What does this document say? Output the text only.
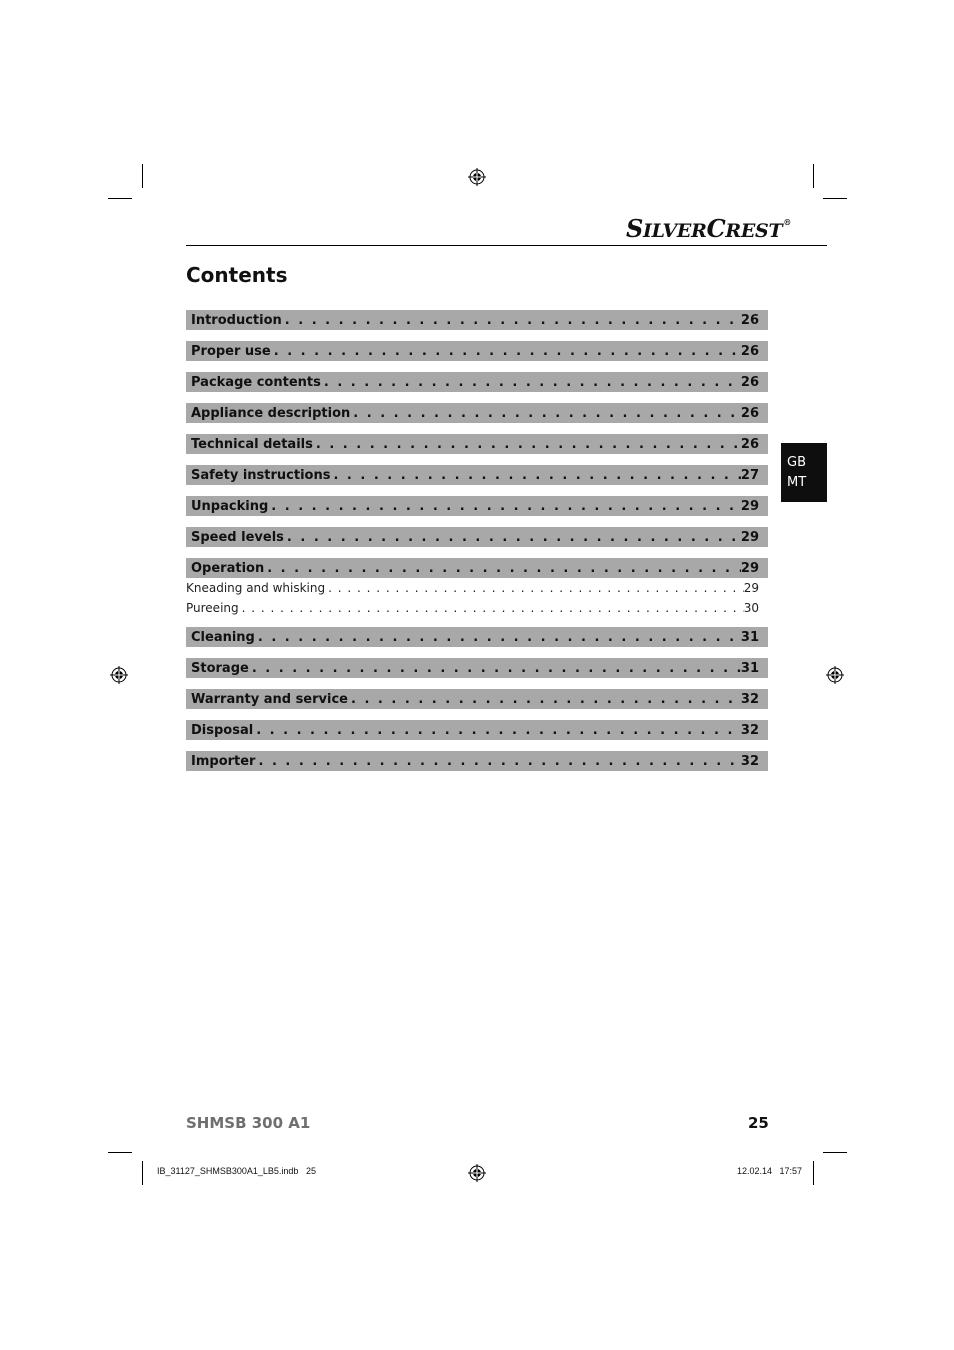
SILVERCREST®
Contents
Introduction . . .	26
Proper use . . .	26
Package contents . . .	26
Appliance description . . .	26
Technical details . . .	26
Safety instructions . . .	27
Unpacking . . .	29
Speed levels . . .	29
Operation . . .	29
Kneading and whisking . . .	29
Pureeing . . .	30
Cleaning . . .	31
Storage . . .	31
Warranty and service . . .	32
Disposal . . .	32
Importer . . .	32
GB
MT
SHMSB 300 A1	25
IB_31127_SHMSB300A1_LB5.indb   25	12.02.14   17:57
